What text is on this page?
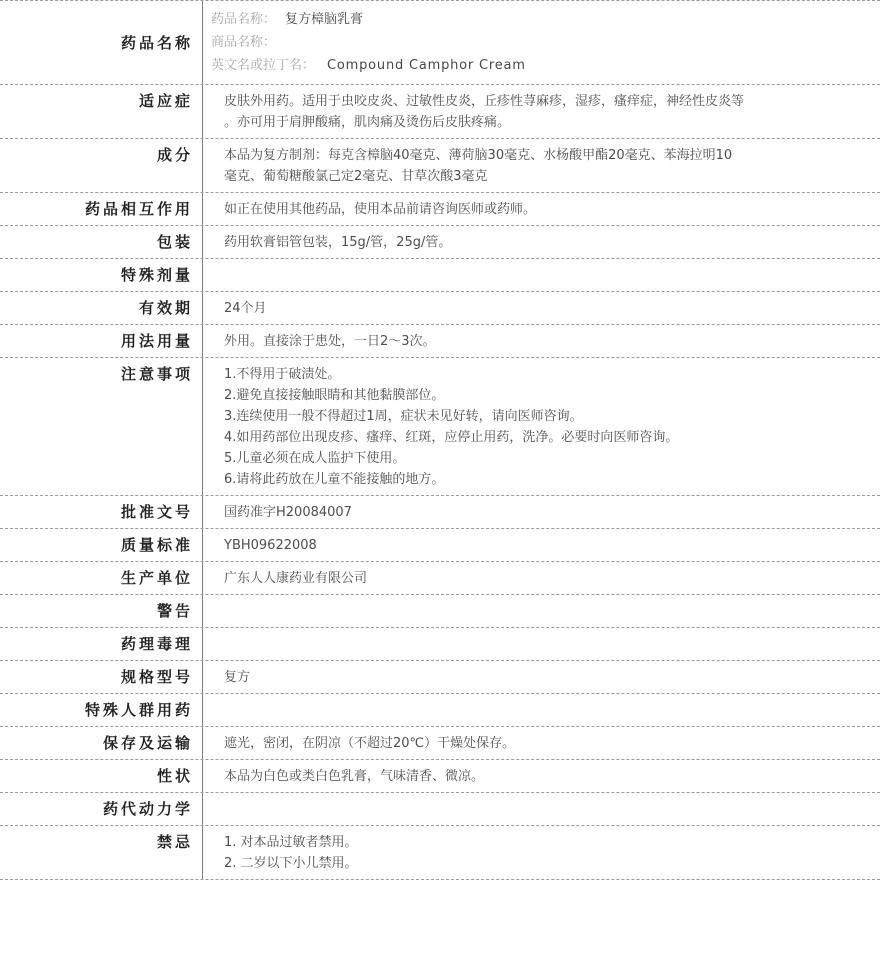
药品名称
药品名称： 复方樟脑乳膏
商品名称：
英文名或拉丁名： Compound Camphor Cream
适应症	皮肤外用药。适用于虫咬皮炎、过敏性皮炎，丘疹性荨麻疹，湿疹，瘙痒症，神经性皮炎等
。亦可用于肩胛酸痛，肌肉痛及烫伤后皮肤疼痛。
成分	本品为复方制剂：每克含樟脑40毫克、薄荷脑30毫克、水杨酸甲酯20毫克、苯海拉明10
毫克、葡萄糖酸氯己定2毫克、甘草次酸3毫克
药品相互作用	如正在使用其他药品，使用本品前请咨询医师或药师。
包装	药用软膏铝管包装，15g/管，25g/管。
特殊剂量
有效期	24个月
用法用量	外用。直接涂于患处，一日2～3次。
注意事项	1.不得用于破渍处。
2.避免直接接触眼睛和其他黏膜部位。
3.连续使用一般不得超过1周，症状未见好转，请向医师咨询。
4.如用药部位出现皮疹、瘙痒、红斑，应停止用药，洗净。必要时向医师咨询。
5.儿童必须在成人监护下使用。
6.请将此药放在儿童不能接触的地方。
批准文号	国药准字H20084007
质量标准	YBH09622008
生产单位	广东人人康药业有限公司
警告
药理毒理
规格型号	复方
特殊人群用药
保存及运输	遮光，密闭，在阴凉（不超过20℃）干燥处保存。
性状	本品为白色或类白色乳膏，气味清香、微凉。
药代动力学
禁忌	1. 对本品过敏者禁用。
2. 二岁以下小儿禁用。
